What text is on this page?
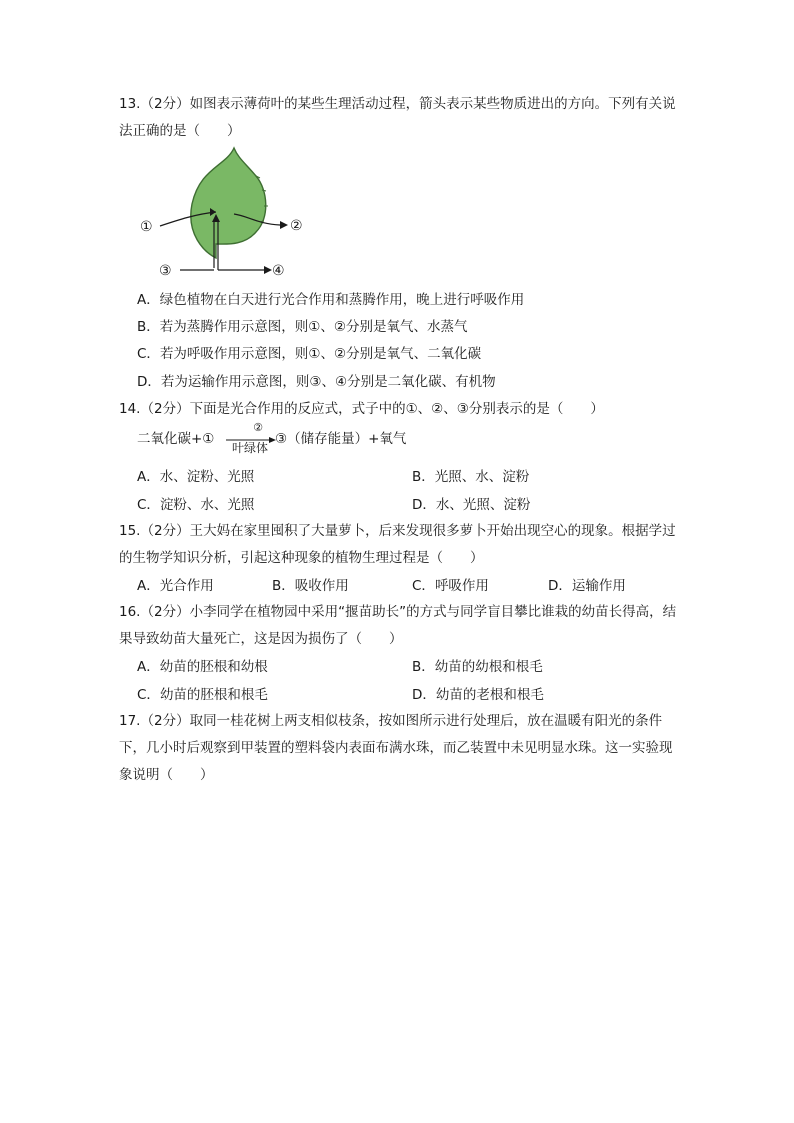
13.（2分）如图表示薄荷叶的某些生理活动过程，箭头表示某些物质进出的方向。下列有关说法正确的是（　　）
①	②
③	④
A．绿色植物在白天进行光合作用和蒸腾作用，晚上进行呼吸作用
B．若为蒸腾作用示意图，则①、②分别是氧气、水蒸气
C．若为呼吸作用示意图，则①、②分别是氧气、二氧化碳
D．若为运输作用示意图，则③、④分别是二氧化碳、有机物
14.（2分）下面是光合作用的反应式，式子中的①、②、③分别表示的是（　　）
二氧化碳+①
②
叶绿体
③（储存能量）+氧气
A．水、淀粉、光照	B．光照、水、淀粉
C．淀粉、水、光照	D．水、光照、淀粉
15.（2分）王大妈在家里囤积了大量萝卜，后来发现很多萝卜开始出现空心的现象。根据学过的生物学知识分析，引起这种现象的植物生理过程是（　　）
A．光合作用	B．吸收作用	C．呼吸作用	D．运输作用
16.（2分）小李同学在植物园中采用“揠苗助长”的方式与同学盲目攀比谁栽的幼苗长得高，结果导致幼苗大量死亡，这是因为损伤了（　　）
A．幼苗的胚根和幼根	B．幼苗的幼根和根毛
C．幼苗的胚根和根毛	D．幼苗的老根和根毛
17.（2分）取同一桂花树上两支相似枝条，按如图所示进行处理后，放在温暖有阳光的条件下，几小时后观察到甲装置的塑料袋内表面布满水珠，而乙装置中未见明显水珠。这一实验现象说明（　　）
